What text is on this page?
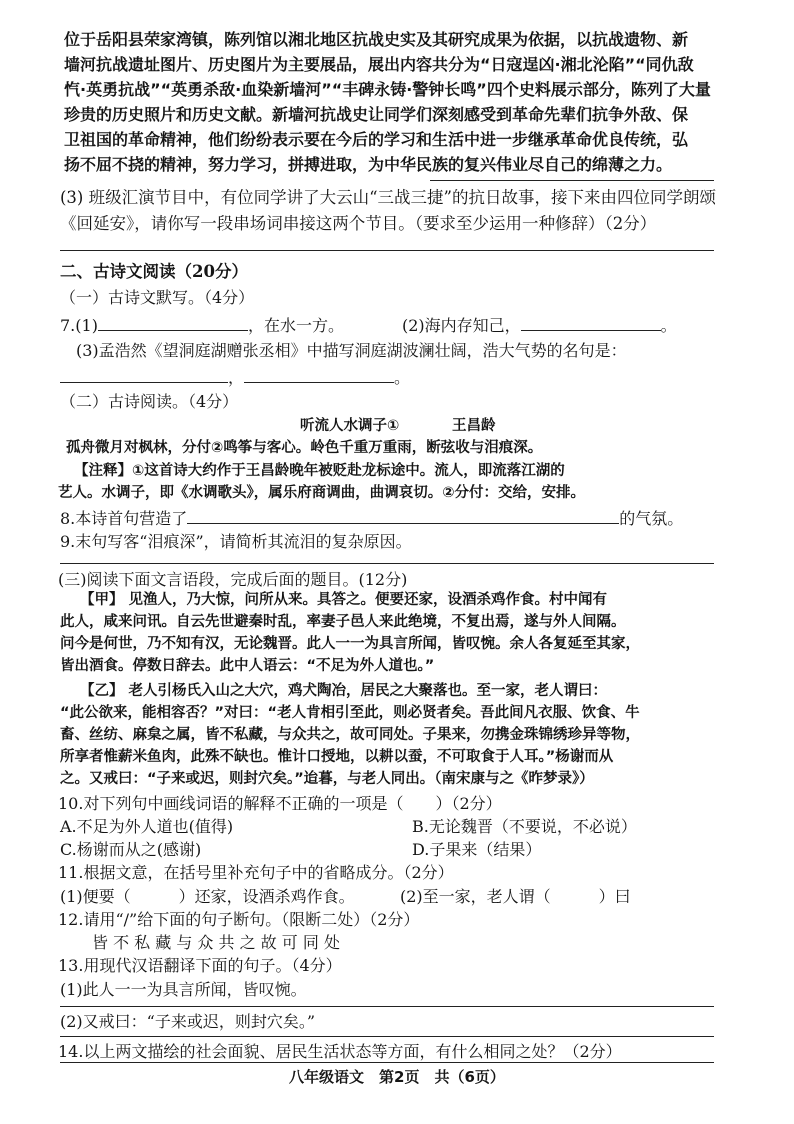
位于岳阳县荣家湾镇，陈列馆以湘北地区抗战史实及其研究成果为依据，以抗战遗物、新
墙河抗战遗址图片、历史图片为主要展品，展出内容共分为“日寇逞凶·湘北沦陷”“同仇敌
忾·英勇抗战”“英勇杀敌·血染新墙河”“丰碑永铸·警钟长鸣”四个史料展示部分，陈列了大量
珍贵的历史照片和历史文献。新墙河抗战史让同学们深刻感受到革命先辈们抗争外敌、保
卫祖国的革命精神，他们纷纷表示要在今后的学习和生活中进一步继承革命优良传统，弘
扬不屈不挠的精神，努力学习，拼搏进取，为中华民族的复兴伟业尽自己的绵薄之力。
(3) 班级汇演节目中，有位同学讲了大云山“三战三捷”的抗日故事，接下来由四位同学朗颂
《回延安》，请你写一段串场词串接这两个节目。（要求至少运用一种修辞）（2分）
二、古诗文阅读（20分）
（一）古诗文默写。（4分）
7.(1)	，在水一方。	(2)海内存知己，	。
(3)孟浩然《望洞庭湖赠张丞相》中描写洞庭湖波澜壮阔，浩大气势的名句是：
，	。
（二）古诗阅读。（4分）
听流人水调子①	王昌龄
孤舟微月对枫林，分付②鸣筝与客心。岭色千重万重雨，断弦收与泪痕深。
【注释】①这首诗大约作于王昌龄晚年被贬赴龙标途中。流人，即流落江湖的
艺人。水调子，即《水调歌头》，属乐府商调曲，曲调哀切。②分付：交给，安排。
8.本诗首句营造了	的气氛。
9.末句写客“泪痕深”，请简析其流泪的复杂原因。
(三)阅读下面文言语段，完成后面的题目。(12分)
【甲】 见渔人，乃大惊，问所从来。具答之。便要还家，设酒杀鸡作食。村中闻有
此人，咸来问讯。自云先世避秦时乱，率妻子邑人来此绝境，不复出焉，遂与外人间隔。
问今是何世，乃不知有汉，无论魏晋。此人一一为具言所闻，皆叹惋。余人各复延至其家，
皆出酒食。停数日辞去。此中人语云：“不足为外人道也。”
【乙】 老人引杨氏入山之大穴，鸡犬陶冶，居民之大聚落也。至一家，老人谓曰：
“此公欲来，能相容否？”对曰：“老人肯相引至此，则必贤者矣。吾此间凡衣服、饮食、牛
畜、丝纺、麻枲之属，皆不私藏，与众共之，故可同处。子果来，勿携金珠锦绣珍异等物，
所享者惟薪米鱼肉，此殊不缺也。惟计口授地，以耕以蚕，不可取食于人耳。”杨谢而从
之。又戒曰：“子来或迟，则封穴矣。”迨暮，与老人同出。（南宋康与之《昨梦录》）
10.对下列句中画线词语的解释不正确的一项是（　　）（2分）
A.不足为外人道也(值得)	B.无论魏晋（不要说，不必说）
C.杨谢而从之(感谢)	D.子果来（结果）
11.根据文意，在括号里补充句子中的省略成分。（2分）
(1)便要（　　　）还家，设酒杀鸡作食。	(2)至一家，老人谓（　　　）曰
12.请用“/”给下面的句子断句。（限断二处）（2分）
皆 不 私 藏 与 众 共 之 故 可 同 处
13.用现代汉语翻译下面的句子。（4分）
(1)此人一一为具言所闻，皆叹惋。
(2)又戒曰：“子来或迟，则封穴矣。”
14.以上两文描绘的社会面貌、居民生活状态等方面，有什么相同之处？（2分）
八年级语文　第2页　共（6页）
